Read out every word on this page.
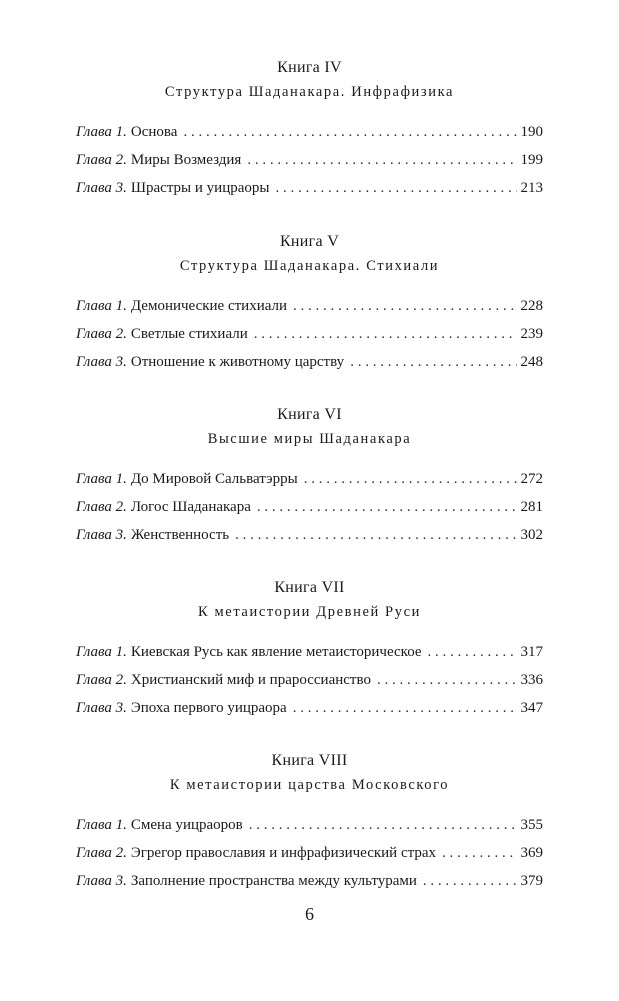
Книга IV
Структура Шаданакара. Инфрафизика
Глава 1. Основа . . .	190
Глава 2. Миры Возмездия . . .	199
Глава 3. Шрастры и уицраоры . . .	213
Книга V
Структура Шаданакара. Стихиали
Глава 1. Демонические стихиали . . .	228
Глава 2. Светлые стихиали . . .	239
Глава 3. Отношение к животному царству . . .	248
Книга VI
Высшие миры Шаданакара
Глава 1. До Мировой Сальватэрры . . .	272
Глава 2. Логос Шаданакара . . .	281
Глава 3. Женственность . . .	302
Книга VII
К метаистории Древней Руси
Глава 1. Киевская Русь как явление метаисторическое . . .	317
Глава 2. Христианский миф и прароссианство . . .	336
Глава 3. Эпоха первого уицраора . . .	347
Книга VIII
К метаистории царства Московского
Глава 1. Смена уицраоров . . .	355
Глава 2. Эгрегор православия и инфрафизический страх . . .	369
Глава 3. Заполнение пространства между культурами . . .	379
6
